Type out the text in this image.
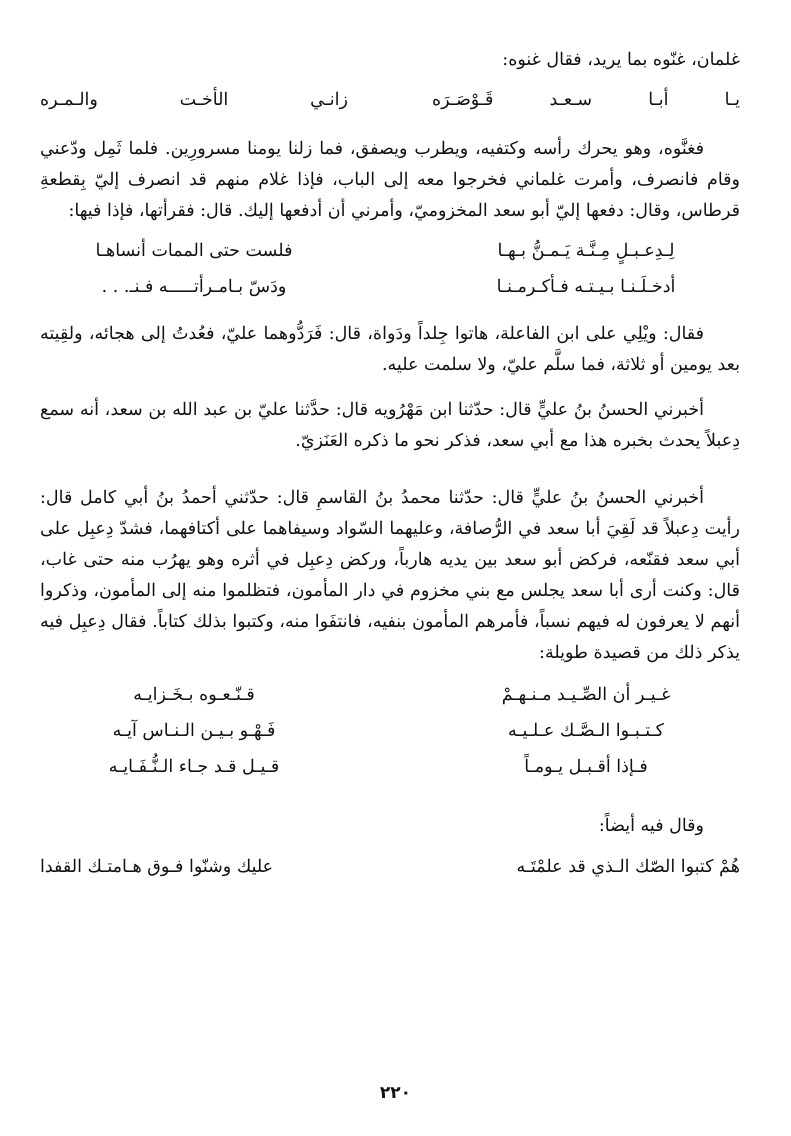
غلمان، غنّوه بما يريد، فقال غنوه:

يـا أبـا سـعـد قَـوْصَـرَه
زانـي الأخـت والـمـره

فغنَّوه، وهو يحرك رأسه وكتفيه، ويطرب ويصفق، فما زلنا يومنا مسرورِين. فلما ثَمِل ودّعني وقام فانصرف، وأمرت غلماني فخرجوا معه إلى الباب، فإذا غلام منهم قد انصرف إليّ بِقطعةِ قرطاس، وقال: دفعها إليّ أبو سعد المخزوميّ، وأمرني أن أدفعها إليك. قال: فقرأتها، فإذا فيها:

لِـدِعـبـلٍ مِـنَّـة يَـمـنُّ بـهـا
فلست حتى الممات أنساهـا
أدخـلَـنـا بـيـتـه فـأكـرمـنـا
ودَسّ بـامـرأتـــــه فـنـ. . .

فقال: ويْلِي على ابن الفاعلة، هاتوا جِلداً ودَواة، قال: فَرَدُّوهما عليّ، فعُدتُ إلى هجائه، ولقِيته بعد يومين أو ثلاثة، فما سلَّم عليّ، ولا سلمت عليه.

أخبرني الحسنُ بنُ عليٍّ قال: حدّثنا ابن مَهْرُويه قال: حدَّثنا عليّ بن عبد الله بن سعد، أنه سمع دِعبلاً يحدث بخبره هذا مع أبي سعد، فذكر نحو ما ذكره العَنَزيّ.

أخبرني الحسنُ بنُ عليٍّ قال: حدّثنا محمدُ بنُ القاسمِ قال: حدّثني أحمدُ بنُ أبي كامل قال: رأيت دِعبلاً قد لَقِيَ أبا سعد في الرُّصافة، وعليهما السّواد وسيفاهما على أكتافهما، فشدّ دِعبِل على أبي سعد فقنّعه، فركض أبو سعد بين يديه هارباً، وركض دِعبِل في أثره وهو يهرُب منه حتى غاب، قال: وكنت أرى أبا سعد يجلس مع بني مخزوم في دار المأمون، فتظلموا منه إلى المأمون، وذكروا أنهم لا يعرفون له فيهم نسباً، فأمرهم المأمون بنفيه، فانتفَوا منه، وكتبوا بذلك كتاباً. فقال دِعبِل فيه يذكر ذلك من قصيدة طويلة:

غـيـر أن الصِّـيـد مـنـهـمْ
قـنّـعـوه بـخَـزايـه
كـتـبـوا الـصَّـك عـلـيـه
فَـهْـو بـيـن الـنـاس آيـه
فـإذا أقـبـل يـومـاً
قـيـل قـد جـاء الـنُّـفَـايـه

وقال فيه أيضاً:

هُمْ كتبوا الصّك الـذي قد علمْتَـه
عليك وشنّوا فـوق هـامتـك القفدا
٢٢٠
